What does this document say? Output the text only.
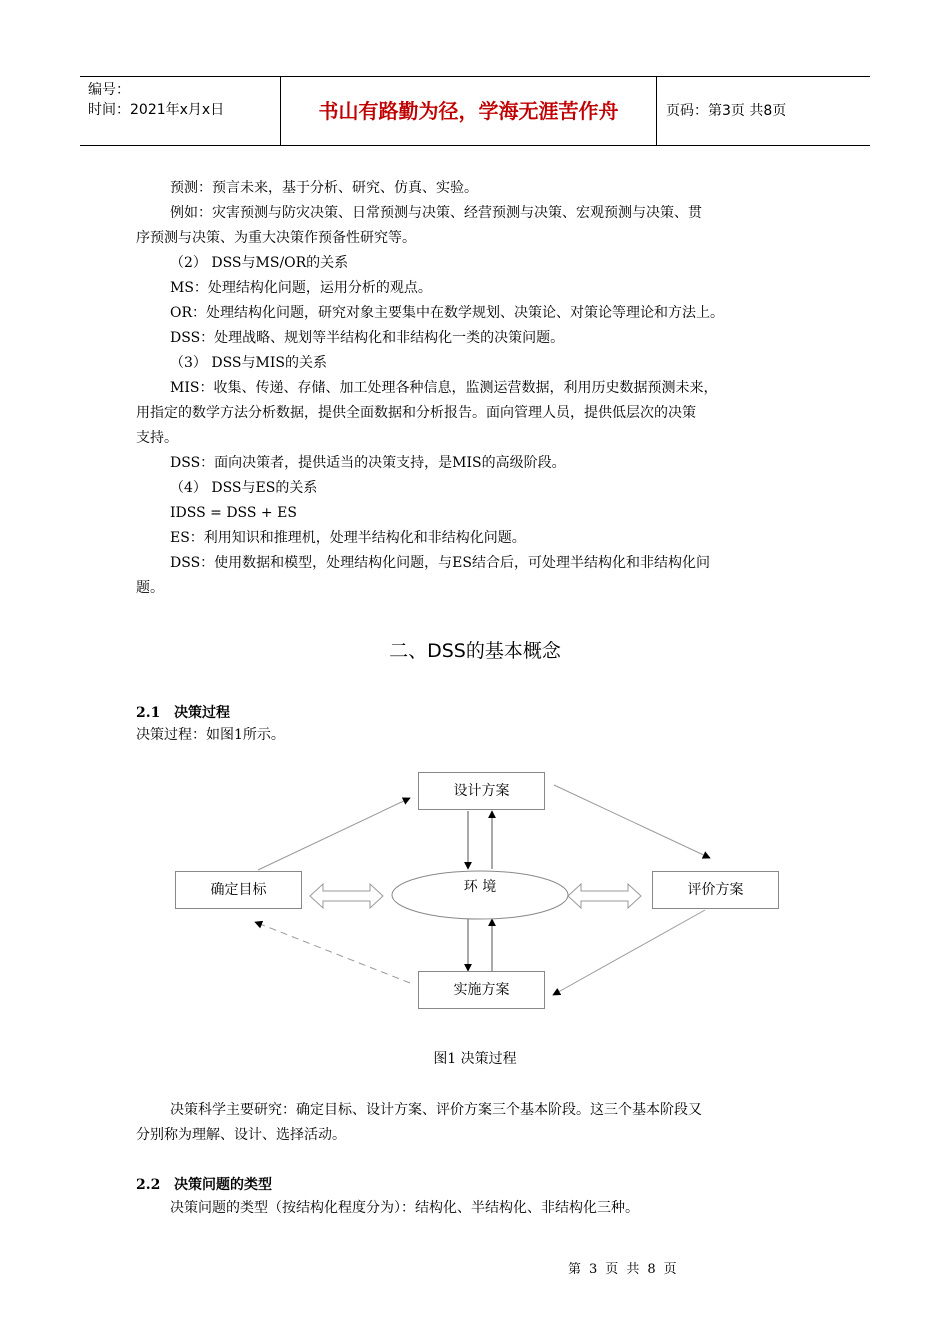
编号：
时间：2021年x月x日	书山有路勤为径，学海无涯苦作舟	页码：第3页 共8页
预测：预言未来，基于分析、研究、仿真、实验。
例如：灾害预测与防灾决策、日常预测与决策、经营预测与决策、宏观预测与决策、贯
序预测与决策、为重大决策作预备性研究等。
（2） DSS与MS/OR的关系
MS：处理结构化问题，运用分析的观点。
OR：处理结构化问题，研究对象主要集中在数学规划、决策论、对策论等理论和方法上。
DSS：处理战略、规划等半结构化和非结构化一类的决策问题。
（3） DSS与MIS的关系
MIS：收集、传递、存储、加工处理各种信息，监测运营数据，利用历史数据预测未来，
用指定的数学方法分析数据，提供全面数据和分析报告。面向管理人员，提供低层次的决策
支持。
DSS：面向决策者，提供适当的决策支持，是MIS的高级阶段。
（4） DSS与ES的关系
IDSS = DSS + ES
ES：利用知识和推理机，处理半结构化和非结构化问题。
DSS：使用数据和模型，处理结构化问题，与ES结合后，可处理半结构化和非结构化问
题。
二、DSS的基本概念
2.1 决策过程
决策过程：如图1所示。
设计方案
确定目标	评价方案
实施方案
环 境
图1 决策过程
决策科学主要研究：确定目标、设计方案、评价方案三个基本阶段。这三个基本阶段又
分别称为理解、设计、选择活动。
2.2 决策问题的类型
决策问题的类型（按结构化程度分为）：结构化、半结构化、非结构化三种。
第 3 页 共 8 页
